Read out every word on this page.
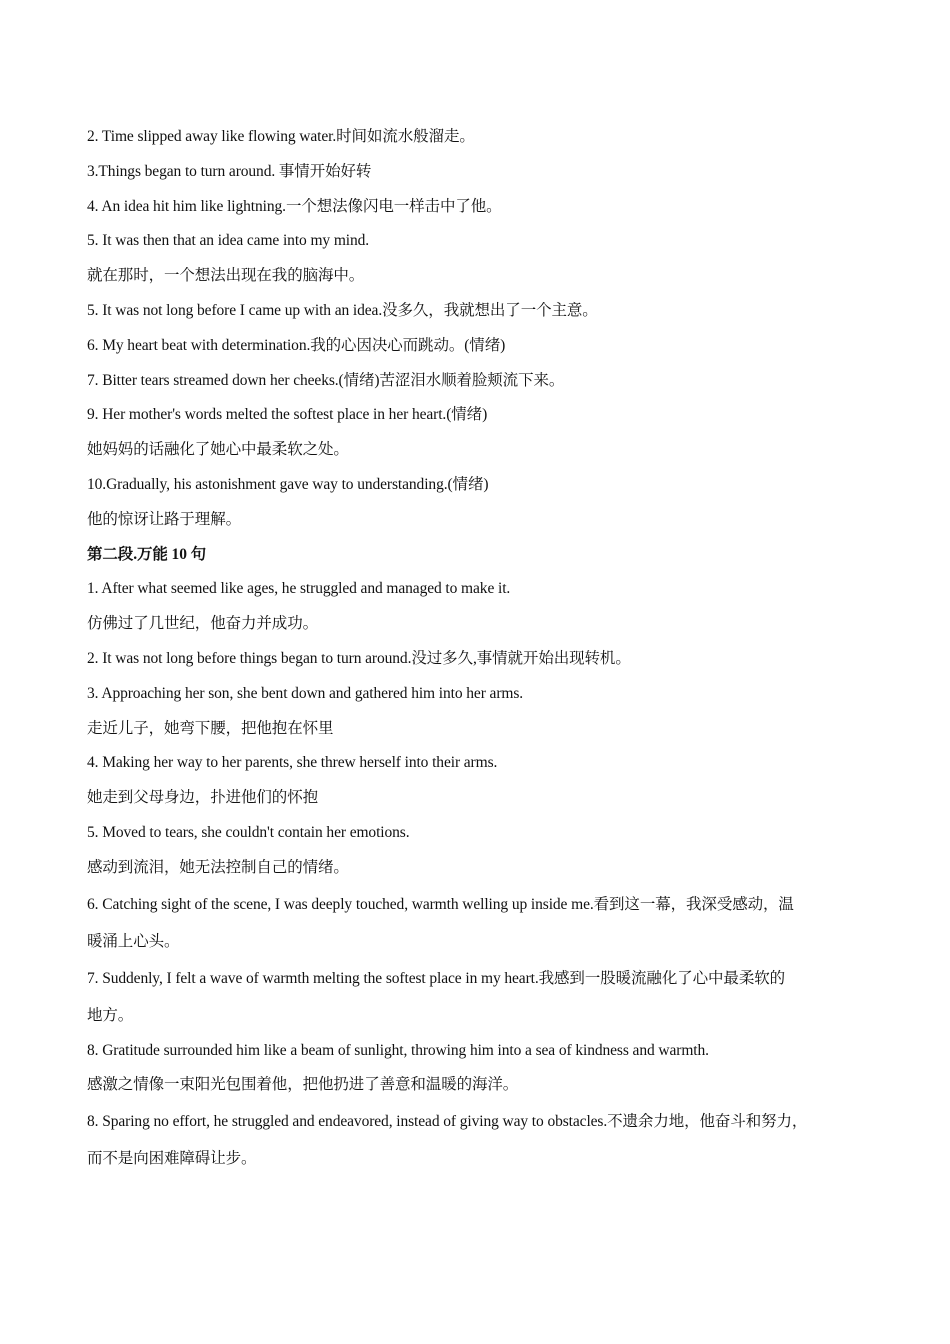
2. Time slipped away like flowing water.时间如流水般溜走。
3.Things began to turn around. 事情开始好转
4. An idea hit him like lightning.一个想法像闪电一样击中了他。
5. It was then that an idea came into my mind.
就在那时，一个想法出现在我的脑海中。
5. It was not long before I came up with an idea.没多久，我就想出了一个主意。
6. My heart beat with determination.我的心因决心而跳动。(情绪)
7. Bitter tears streamed down her cheeks.(情绪)苦涩泪水顺着脸颊流下来。
9. Her mother's words melted the softest place in her heart.(情绪)
她妈妈的话融化了她心中最柔软之处。
10.Gradually, his astonishment gave way to understanding.(情绪)
他的惊讶让路于理解。
第二段.万能 10 句
1. After what seemed like ages, he struggled and managed to make it.
仿佛过了几世纪，他奋力并成功。
2. It was not long before things began to turn around.没过多久,事情就开始出现转机。
3. Approaching her son, she bent down and gathered him into her arms.
走近儿子，她弯下腰，把他抱在怀里
4. Making her way to her parents, she threw herself into their arms.
她走到父母身边，扑进他们的怀抱
5. Moved to tears, she couldn't contain her emotions.
感动到流泪，她无法控制自己的情绪。
6. Catching sight of the scene, I was deeply touched, warmth welling up inside me.看到这一幕，我深受感动，温
暖涌上心头。
7. Suddenly, I felt a wave of warmth melting the softest place in my heart.我感到一股暖流融化了心中最柔软的
地方。
8. Gratitude surrounded him like a beam of sunlight, throwing him into a sea of kindness and warmth.
感激之情像一束阳光包围着他，把他扔进了善意和温暖的海洋。
8. Sparing no effort, he struggled and endeavored, instead of giving way to obstacles.不遗余力地，他奋斗和努力，
而不是向困难障碍让步。
